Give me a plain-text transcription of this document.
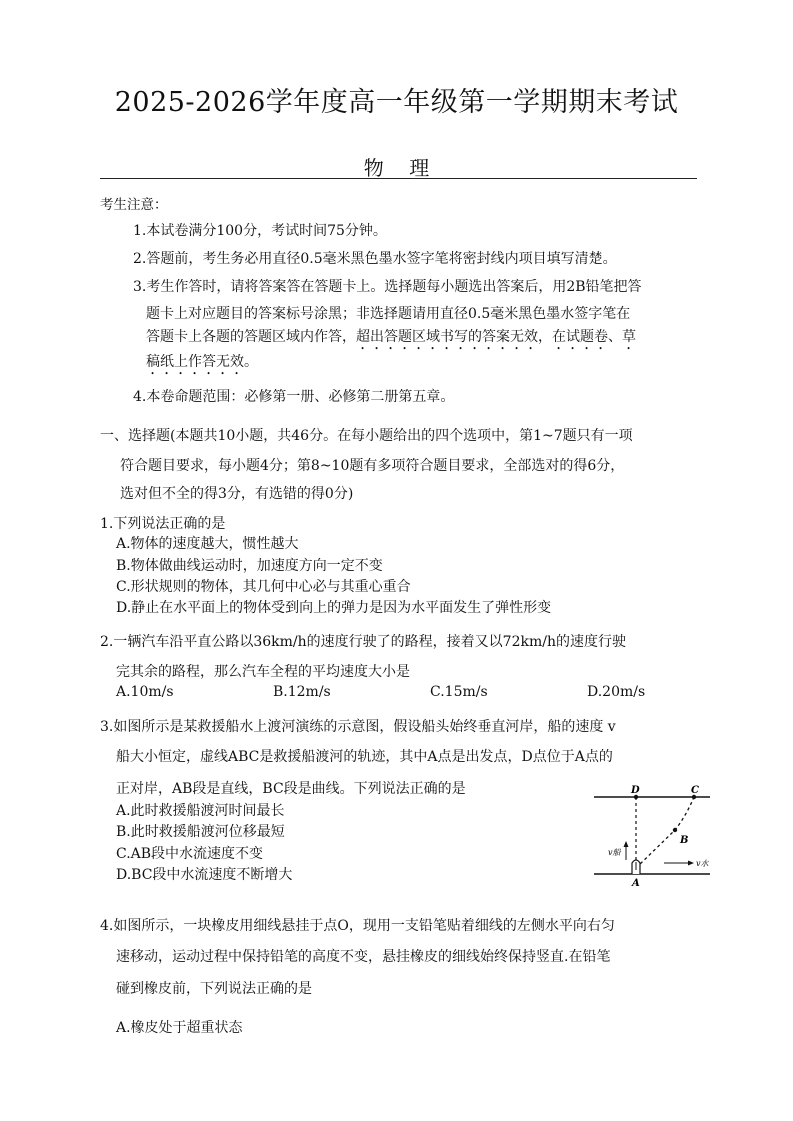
2025-2026学年度高一年级第一学期期末考试
物    理
考生注意：
1.本试卷满分100分，考试时间75分钟。
2.答题前，考生务必用直径0.5毫米黑色墨水签字笔将密封线内项目填写清楚。
3.考生作答时，请将答案答在答题卡上。选择题每小题选出答案后，用2B铅笔把答
题卡上对应题目的答案标号涂黑；非选择题请用直径0.5毫米黑色墨水签字笔在
答题卡上各题的答题区域内作答，超出答题区域书写的答案无效，在试题卷、草
稿纸上作答无效。
4.本卷命题范围：必修第一册、必修第二册第五章。
一、选择题(本题共10小题，共46分。在每小题给出的四个选项中，第1~7题只有一项
符合题目要求，每小题4分；第8~10题有多项符合题目要求，全部选对的得6分，
选对但不全的得3分，有选错的得0分)
1.下列说法正确的是
A.物体的速度越大，惯性越大
B.物体做曲线运动时，加速度方向一定不变
C.形状规则的物体，其几何中心必与其重心重合
D.静止在水平面上的物体受到向上的弹力是因为水平面发生了弹性形变
2.一辆汽车沿平直公路以36km/h的速度行驶了的路程，接着又以72km/h的速度行驶
完其余的路程，那么汽车全程的平均速度大小是
A.10m/s	B.12m/s	C.15m/s	D.20m/s
3.如图所示是某救援船水上渡河演练的示意图，假设船头始终垂直河岸，船的速度 v
船大小恒定，虚线ABC是救援船渡河的轨迹，其中A点是出发点，D点位于A点的
正对岸，AB段是直线，BC段是曲线。下列说法正确的是
A.此时救援船渡河时间最长
B.此时救援船渡河位移最短
C.AB段中水流速度不变
D.BC段中水流速度不断增大
D	C
B
A
v船
v水
4.如图所示，一块橡皮用细线悬挂于点O，现用一支铅笔贴着细线的左侧水平向右匀
速移动，运动过程中保持铅笔的高度不变，悬挂橡皮的细线始终保持竖直.在铅笔
碰到橡皮前，下列说法正确的是
A.橡皮处于超重状态
